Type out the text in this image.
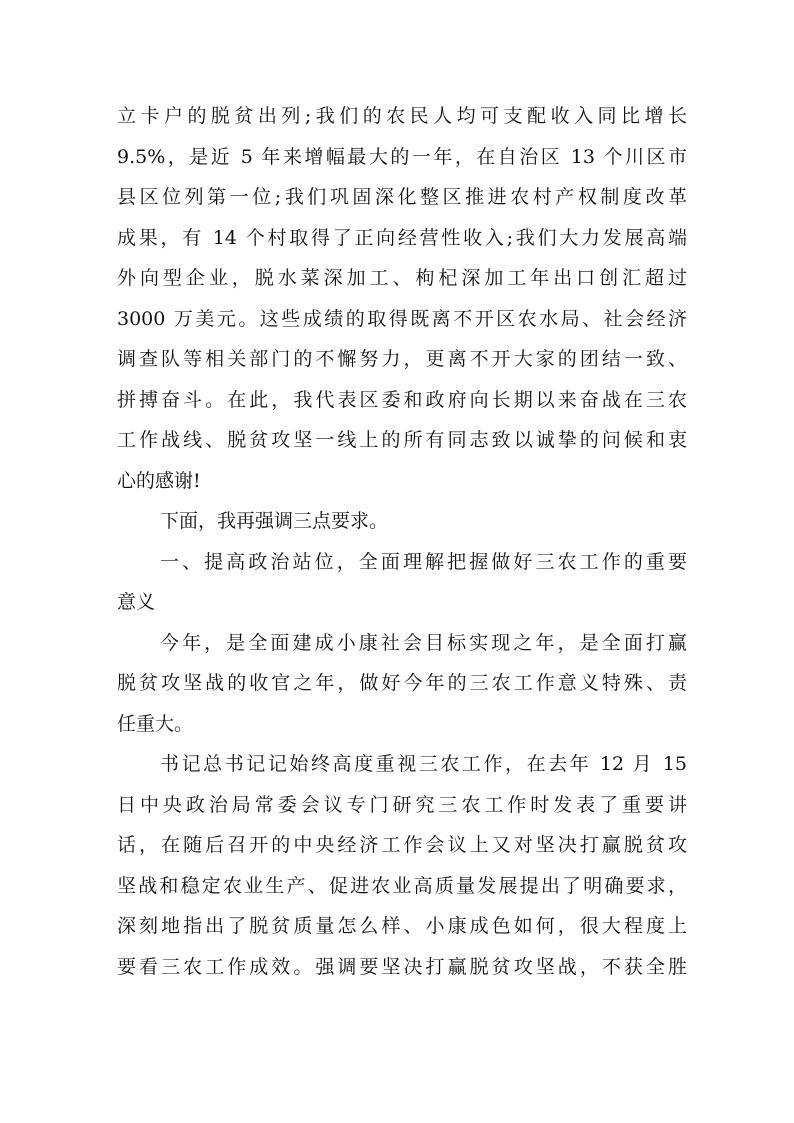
立卡户的脱贫出列;我们的农民人均可支配收入同比增长
9.5%，是近 5 年来增幅最大的一年，在自治区 13 个川区市
县区位列第一位;我们巩固深化整区推进农村产权制度改革
成果，有 14 个村取得了正向经营性收入;我们大力发展高端
外向型企业，脱水菜深加工、枸杞深加工年出口创汇超过
3000 万美元。这些成绩的取得既离不开区农水局、社会经济
调查队等相关部门的不懈努力，更离不开大家的团结一致、
拼搏奋斗。在此，我代表区委和政府向长期以来奋战在三农
工作战线、脱贫攻坚一线上的所有同志致以诚挚的问候和衷
心的感谢!
下面，我再强调三点要求。
一、提高政治站位，全面理解把握做好三农工作的重要
意义
今年，是全面建成小康社会目标实现之年，是全面打赢
脱贫攻坚战的收官之年，做好今年的三农工作意义特殊、责
任重大。
书记总书记记始终高度重视三农工作，在去年 12 月 15
日中央政治局常委会议专门研究三农工作时发表了重要讲
话，在随后召开的中央经济工作会议上又对坚决打赢脱贫攻
坚战和稳定农业生产、促进农业高质量发展提出了明确要求，
深刻地指出了脱贫质量怎么样、小康成色如何，很大程度上
要看三农工作成效。强调要坚决打赢脱贫攻坚战，不获全胜
